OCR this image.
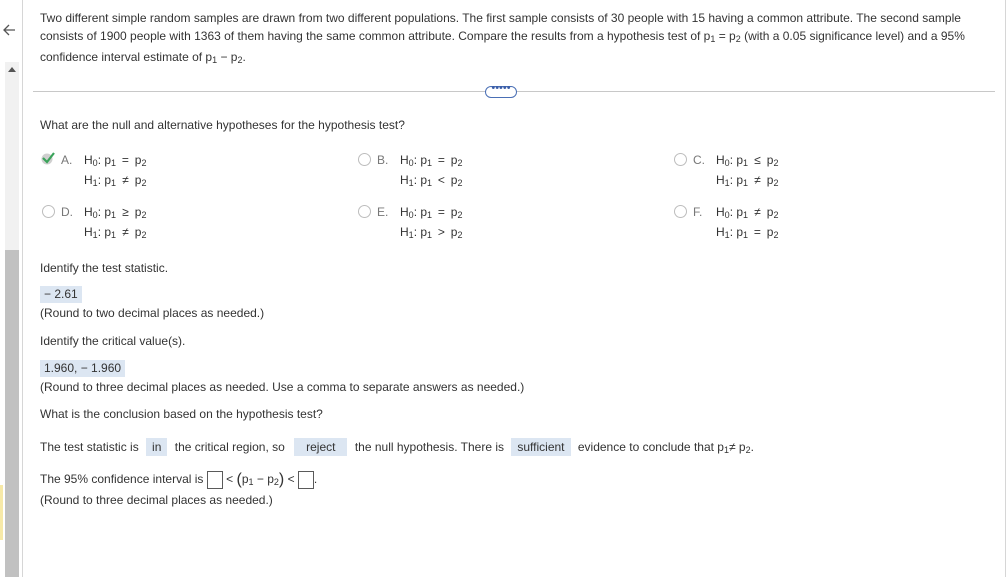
Two different simple random samples are drawn from two different populations. The first sample consists of 30 people with 15 having a common attribute. The second sample consists of 1900 people with 1363 of them having the same common attribute. Compare the results from a hypothesis test of $p_1 = p_2$ (with a 0.05 significance level) and a 95% confidence interval estimate of $p_1 - p_2$.
•••••
What are the null and alternative hypotheses for the hypothesis test?
A. $H_0$: $p_1 = p_2$
$H_1$: $p_1 \ne p_2$
B. $H_0$: $p_1 = p_2$
$H_1$: $p_1 < p_2$
C. $H_0$: $p_1 \le p_2$
$H_1$: $p_1 \ne p_2$
D. $H_0$: $p_1 \ge p_2$
$H_1$: $p_1 \ne p_2$
E. $H_0$: $p_1 = p_2$
$H_1$: $p_1 > p_2$
F. $H_0$: $p_1 \ne p_2$
$H_1$: $p_1 = p_2$
Identify the test statistic.
− 2.61
(Round to two decimal places as needed.)
Identify the critical value(s).
1.960, − 1.960
(Round to three decimal places as needed. Use a comma to separate answers as needed.)
What is the conclusion based on the hypothesis test?
The test statistic is in the critical region, so reject the null hypothesis. There is sufficient evidence to conclude that p1≠ p2.
The 95% confidence interval is < $(p_1 - p_2)$ < .
(Round to three decimal places as needed.)
